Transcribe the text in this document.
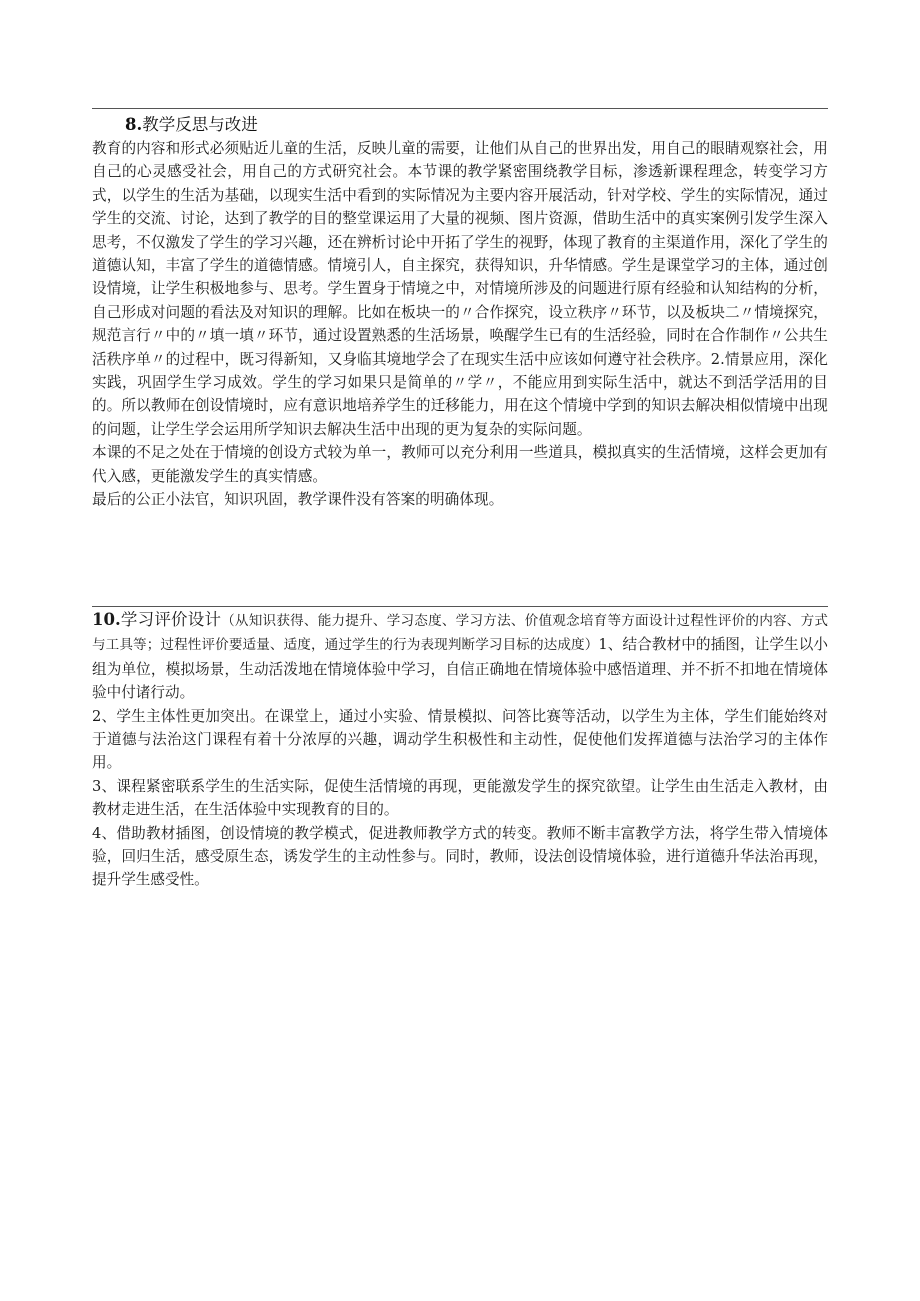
8.教学反思与改进

教育的内容和形式必须贴近儿童的生活，反映儿童的需要，让他们从自己的世界出发，用自己的眼睛观察社会，用自己的心灵感受社会，用自己的方式研究社会。本节课的教学紧密围绕教学目标，渗透新课程理念，转变学习方式，以学生的生活为基础，以现实生活中看到的实际情况为主要内容开展活动，针对学校、学生的实际情况，通过学生的交流、讨论，达到了教学的目的整堂课运用了大量的视频、图片资源，借助生活中的真实案例引发学生深入思考，不仅激发了学生的学习兴趣，还在辨析讨论中开拓了学生的视野，体现了教育的主渠道作用，深化了学生的道德认知，丰富了学生的道德情感。情境引人，自主探究，获得知识，升华情感。学生是课堂学习的主体，通过创设情境，让学生积极地参与、思考。学生置身于情境之中，对情境所涉及的问题进行原有经验和认知结构的分析，自己形成对问题的看法及对知识的理解。比如在板块一的〃合作探究，设立秩序〃环节，以及板块二〃情境探究，规范言行〃中的〃填一填〃环节，通过设置熟悉的生活场景，唤醒学生已有的生活经验，同时在合作制作〃公共生活秩序单〃的过程中，既习得新知，又身临其境地学会了在现实生活中应该如何遵守社会秩序。2.情景应用，深化实践，巩固学生学习成效。学生的学习如果只是简单的〃学〃，不能应用到实际生活中，就达不到活学活用的目的。所以教师在创设情境时，应有意识地培养学生的迁移能力，用在这个情境中学到的知识去解决相似情境中出现的问题，让学生学会运用所学知识去解决生活中出现的更为复杂的实际问题。

本课的不足之处在于情境的创设方式较为单一，教师可以充分利用一些道具，模拟真实的生活情境，这样会更加有代入感，更能激发学生的真实情感。

最后的公正小法官，知识巩固，教学课件没有答案的明确体现。

10.学习评价设计（从知识获得、能力提升、学习态度、学习方法、价值观念培育等方面设计过程性评价的内容、方式与工具等；过程性评价要适量、适度，通过学生的行为表现判断学习目标的达成度）1、结合教材中的插图，让学生以小组为单位，模拟场景，生动活泼地在情境体验中学习，自信正确地在情境体验中感悟道理、并不折不扣地在情境体验中付诸行动。

2、学生主体性更加突出。在课堂上，通过小实验、情景模拟、问答比赛等活动，以学生为主体，学生们能始终对于道德与法治这门课程有着十分浓厚的兴趣，调动学生积极性和主动性，促使他们发挥道德与法治学习的主体作用。

3、课程紧密联系学生的生活实际，促使生活情境的再现，更能激发学生的探究欲望。让学生由生活走入教材，由教材走进生活，在生活体验中实现教育的目的。

4、借助教材插图，创设情境的教学模式，促进教师教学方式的转变。教师不断丰富教学方法，将学生带入情境体验，回归生活，感受原生态，诱发学生的主动性参与。同时，教师，设法创设情境体验，进行道德升华法治再现，提升学生感受性。
